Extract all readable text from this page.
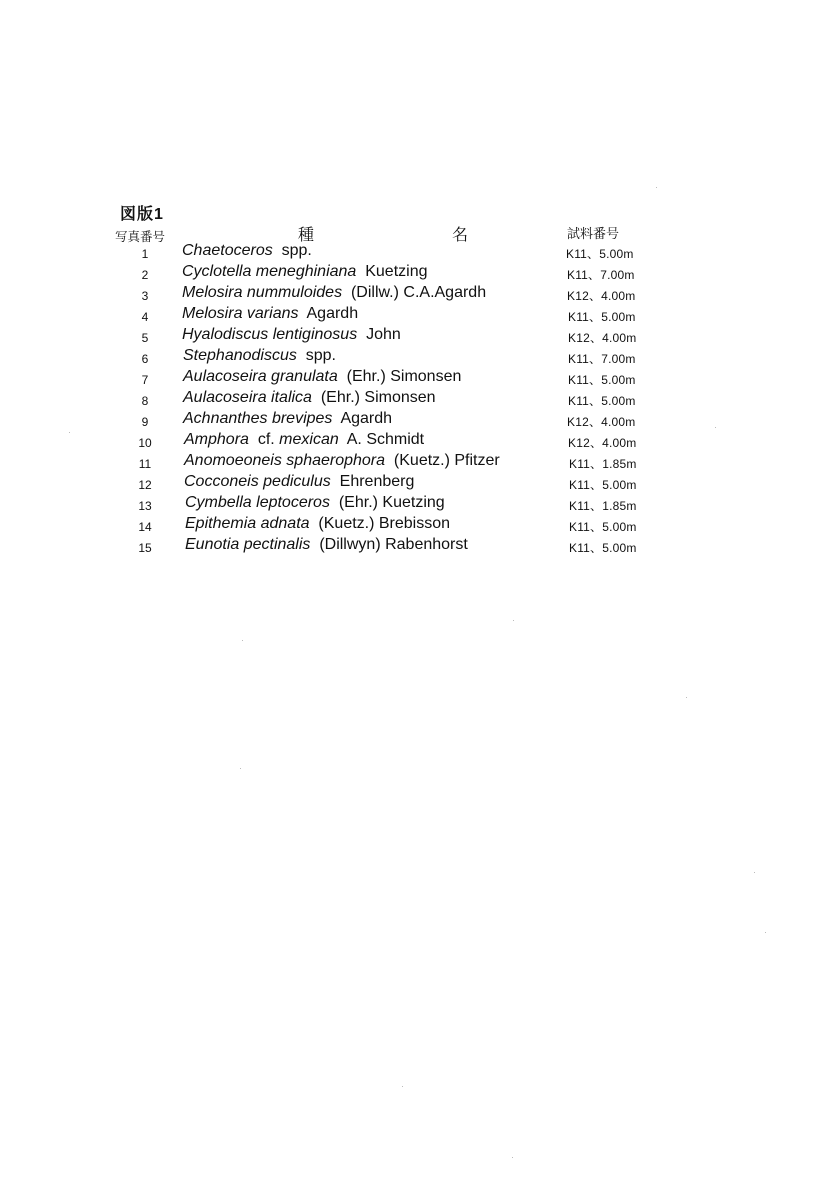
図版1
写真番号	種	名	試料番号
1	Chaetoceros spp.	K11、5.00m
2	Cyclotella meneghiniana Kuetzing	K11、7.00m
3	Melosira nummuloides (Dillw.) C.A.Agardh	K12、4.00m
4	Melosira varians Agardh	K11、5.00m
5	Hyalodiscus lentiginosus John	K12、4.00m
6	Stephanodiscus spp.	K11、7.00m
7	Aulacoseira granulata (Ehr.) Simonsen	K11、5.00m
8	Aulacoseira italica (Ehr.) Simonsen	K11、5.00m
9	Achnanthes brevipes Agardh	K12、4.00m
10	Amphora cf. mexican A. Schmidt	K12、4.00m
11	Anomoeoneis sphaerophora (Kuetz.) Pfitzer	K11、1.85m
12	Cocconeis pediculus Ehrenberg	K11、5.00m
13	Cymbella leptoceros (Ehr.) Kuetzing	K11、1.85m
14	Epithemia adnata (Kuetz.) Brebisson	K11、5.00m
15	Eunotia pectinalis (Dillwyn) Rabenhorst	K11、5.00m
